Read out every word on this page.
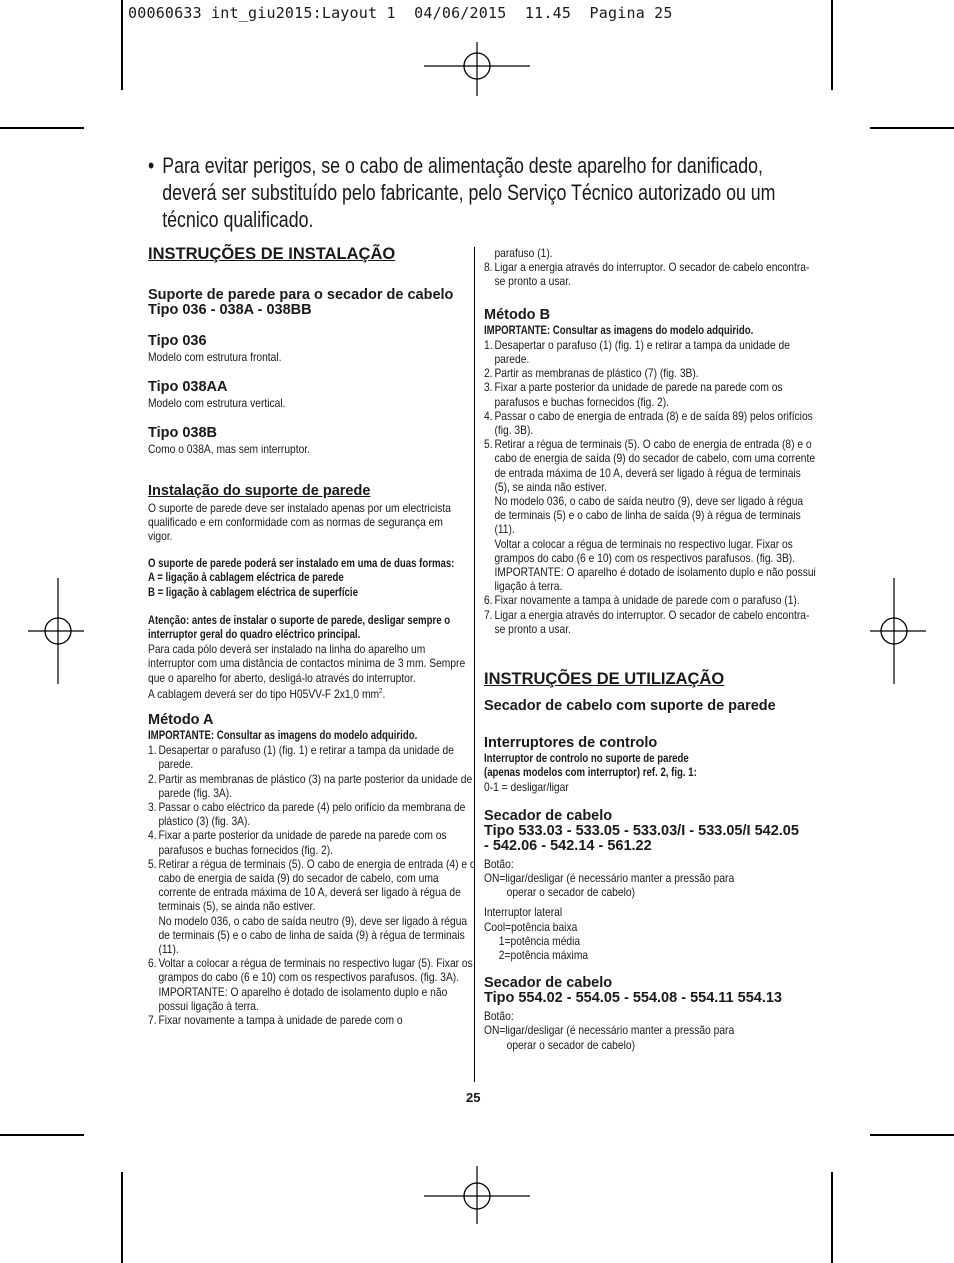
00060633 int_giu2015:Layout 1  04/06/2015  11.45  Pagina 25
• Para evitar perigos, se o cabo de alimentação deste aparelho for danificado, deverá ser substituído pelo fabricante, pelo Serviço Técnico autorizado ou um técnico qualificado.

INSTRUÇÕES DE INSTALAÇÃO

Suporte de parede para o secador de cabelo

Tipo 036 - 038A - 038BB

Tipo 036

Modelo com estrutura frontal.

Tipo 038AA

Modelo com estrutura vertical.

Tipo 038B

Como o 038A, mas sem interruptor.

Instalação do suporte de parede

O suporte de parede deve ser instalado apenas por um electricista qualificado e em conformidade com as normas de segurança em vigor.

O suporte de parede poderá ser instalado em uma de duas formas:

A = ligação à cablagem eléctrica de parede

B = ligação à cablagem eléctrica de superfície

Atenção: antes de instalar o suporte de parede, desligar sempre o interruptor geral do quadro eléctrico principal.

Para cada pólo deverá ser instalado na linha do aparelho um interruptor com uma distância de contactos mínima de 3 mm. Sempre que o aparelho for aberto, desligá-lo através do interruptor.

A cablagem deverá ser do tipo H05VV-F 2x1,0 $mm^2$.

Método A

IMPORTANTE: Consultar as imagens do modelo adquirido.

1. Desapertar o parafuso (1) (fig. 1) e retirar a tampa da unidade de parede.
2. Partir as membranas de plástico (3) na parte posterior da unidade de parede (fig. 3A).
3. Passar o cabo eléctrico da parede (4) pelo orifício da membrana de plástico (3) (fig. 3A).
4. Fixar a parte posterior da unidade de parede na parede com os parafusos e buchas fornecidos (fig. 2).
5. Retirar a régua de terminais (5). O cabo de energia de entrada (4) e o cabo de energia de saída (9) do secador de cabelo, com uma corrente de entrada máxima de 10 A, deverá ser ligado à régua de terminais (5), se ainda não estiver.
No modelo 036, o cabo de saída neutro (9), deve ser ligado à régua de terminais (5) e o cabo de linha de saída (9) à régua de terminais (11).
6. Voltar a colocar a régua de terminais no respectivo lugar (5). Fixar os grampos do cabo (6 e 10) com os respectivos parafusos. (fig. 3A). IMPORTANTE: O aparelho é dotado de isolamento duplo e não possui ligação à terra.
7. Fixar novamente a tampa à unidade de parede com o
parafuso (1).
8. Ligar a energia através do interruptor. O secador de cabelo encontra-se pronto a usar.

Método B

IMPORTANTE: Consultar as imagens do modelo adquirido.

1. Desapertar o parafuso (1) (fig. 1) e retirar a tampa da unidade de parede.
2. Partir as membranas de plástico (7) (fig. 3B).
3. Fixar a parte posterior da unidade de parede na parede com os parafusos e buchas fornecidos (fig. 2).
4. Passar o cabo de energia de entrada (8) e de saída 89) pelos orifícios (fig. 3B).
5. Retirar a régua de terminais (5). O cabo de energia de entrada (8) e o cabo de energia de saída (9) do secador de cabelo, com uma corrente de entrada máxima de 10 A, deverá ser ligado à régua de terminais (5), se ainda não estiver.
No modelo 036, o cabo de saída neutro (9), deve ser ligado à régua de terminais (5) e o cabo de linha de saída (9) à régua de terminais (11).
Voltar a colocar a régua de terminais no respectivo lugar. Fixar os grampos do cabo (6 e 10) com os respectivos parafusos. (fig. 3B). IMPORTANTE: O aparelho é dotado de isolamento duplo e não possui ligação à terra.
6. Fixar novamente a tampa à unidade de parede com o parafuso (1).
7. Ligar a energia através do interruptor. O secador de cabelo encontra-se pronto a usar.

INSTRUÇÕES DE UTILIZAÇÃO

Secador de cabelo com suporte de parede

Interruptores de controlo

Interruptor de controlo no suporte de parede

(apenas modelos com interruptor) ref. 2, fig. 1:

0-1 = desligar/ligar

Secador de cabelo

Tipo 533.03 - 533.05 - 533.03/I - 533.05/I 542.05 - 542.06 - 542.14 - 561.22

Botão:

ON=ligar/desligar (é necessário manter a pressão para

operar o secador de cabelo)

Interruptor lateral

Cool=potência baixa

1=potência média

2=potência máxima

Secador de cabelo

Tipo 554.02 - 554.05 - 554.08 - 554.11 554.13

Botão:

ON=ligar/desligar (é necessário manter a pressão para

operar o secador de cabelo)

25
